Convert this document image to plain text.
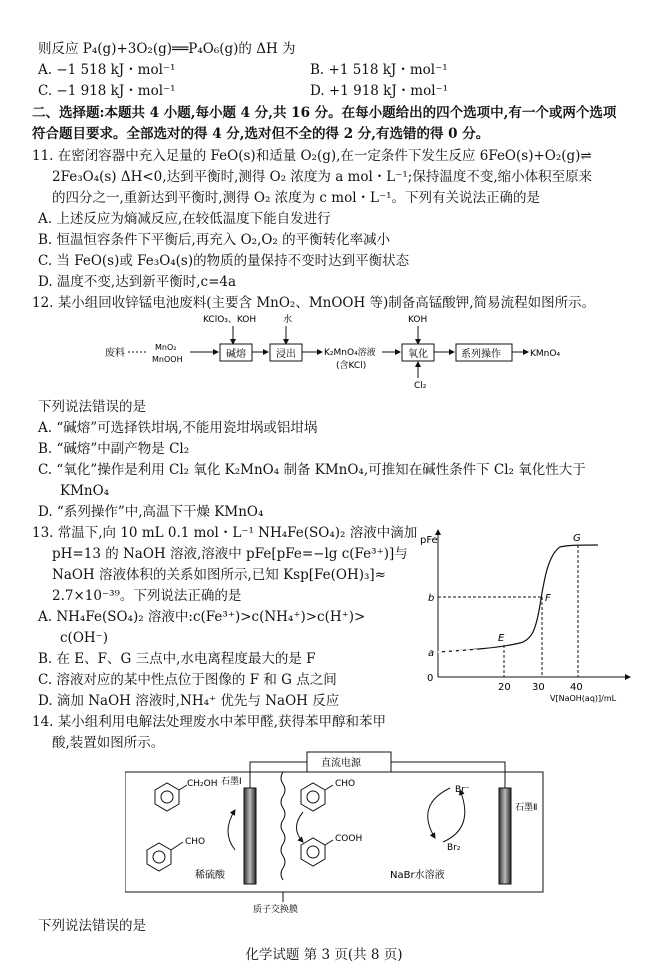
则反应 P₄(g)+3O₂(g)══P₄O₆(g)的 ΔH 为
A. −1 518 kJ・mol⁻¹	B. +1 518 kJ・mol⁻¹
C. −1 918 kJ・mol⁻¹	D. +1 918 kJ・mol⁻¹
二、选择题:本题共 4 小题,每小题 4 分,共 16 分。在每小题给出的四个选项中,有一个或两个选项
符合题目要求。全部选对的得 4 分,选对但不全的得 2 分,有选错的得 0 分。
11. 在密闭容器中充入足量的 FeO(s)和适量 O₂(g),在一定条件下发生反应 6FeO(s)+O₂(g)⇌
2Fe₃O₄(s) ΔH<0,达到平衡时,测得 O₂ 浓度为 a mol・L⁻¹;保持温度不变,缩小体积至原来
的四分之一,重新达到平衡时,测得 O₂ 浓度为 c mol・L⁻¹。下列有关说法正确的是
A. 上述反应为熵减反应,在较低温度下能自发进行
B. 恒温恒容条件下平衡后,再充入 O₂,O₂ 的平衡转化率减小
C. 当 FeO(s)或 Fe₃O₄(s)的物质的量保持不变时达到平衡状态
D. 温度不变,达到新平衡时,c=4a
12. 某小组回收锌锰电池废料(主要含 MnO₂、MnOOH 等)制备高锰酸钾,简易流程如图所示。
KClO₃、KOH	水	KOH
Cl₂
废料
MnO₂
MnOOH	碱熔	浸出	K₂MnO₄溶液
(含KCl)
氧化	系列操作	KMnO₄
下列说法错误的是
A. “碱熔”可选择铁坩埚,不能用瓷坩埚或铝坩埚
B. “碱熔”中副产物是 Cl₂
C. “氧化”操作是利用 Cl₂ 氧化 K₂MnO₄ 制备 KMnO₄,可推知在碱性条件下 Cl₂ 氧化性大于
KMnO₄
D. “系列操作”中,高温下干燥 KMnO₄
13. 常温下,向 10 mL 0.1 mol・L⁻¹ NH₄Fe(SO₄)₂ 溶液中滴加
pH=13 的 NaOH 溶液,溶液中 pFe[pFe=−lg c(Fe³⁺)]与
NaOH 溶液体积的关系如图所示,已知 Ksp[Fe(OH)₃]≈
2.7×10⁻³⁹。下列说法正确的是
A. NH₄Fe(SO₄)₂ 溶液中:c(Fe³⁺)>c(NH₄⁺)>c(H⁺)>
c(OH⁻)
B. 在 E、F、G 三点中,水电离程度最大的是 F
C. 溶液对应的某中性点位于图像的 F 和 G 点之间
D. 滴加 NaOH 溶液时,NH₄⁺ 优先与 NaOH 反应
pFe
V[NaOH(aq)]/mL
0
20 30	40
a
b
E
F
G
14. 某小组利用电解法处理废水中苯甲醛,获得苯甲醇和苯甲
酸,装置如图所示。
直流电源
石墨Ⅰ
石墨Ⅱ
质子交换膜
CH₂OH
CHO
稀硫酸
CHO
COOH
NaBr水溶液
Br⁻
Br₂
下列说法错误的是
化学试题 第 3 页(共 8 页)
